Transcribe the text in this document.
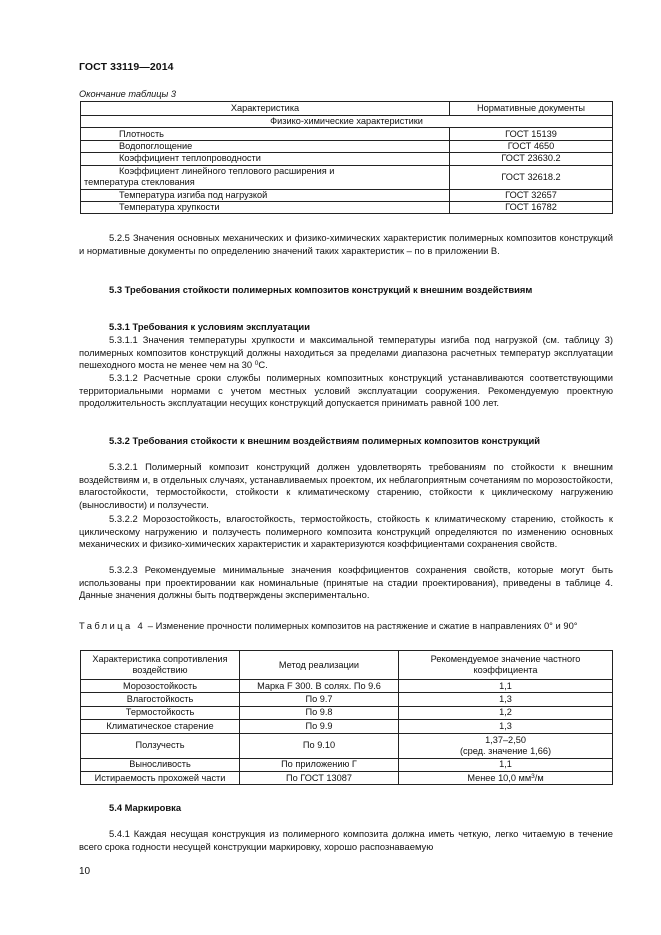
ГОСТ 33119—2014
Окончание таблицы 3
Характеристика	Нормативные документы
Физико-химические характеристики	
Плотность	ГОСТ 15139
Водопоглощение	ГОСТ 4650
Коэффициент теплопроводности	ГОСТ 23630.2

Коэффициент линейного теплового расширения и
температура стеклования	ГОСТ 32618.2
Температура изгиба под нагрузкой	ГОСТ 32657
Температура хрупкости	ГОСТ 16782

5.2.5 Значения основных механических и физико-химических характеристик полимерных композитов конструкций и нормативные документы по определению значений таких характеристик – по в приложении В.

5.3 Требования стойкости полимерных композитов конструкций к внешним воздействиям

5.3.1 Требования к условиям эксплуатации

5.3.1.1 Значения температуры хрупкости и максимальной температуры изгиба под нагрузкой (см. таблицу 3) полимерных композитов конструкций должны находиться за пределами диапазона расчетных температур эксплуатации пешеходного моста не менее чем на 30 $^0$С.

5.3.1.2 Расчетные сроки службы полимерных композитных конструкций устанавливаются соответствующими территориальными нормами с учетом местных условий эксплуатации сооружения. Рекомендуемую проектную продолжительность эксплуатации несущих конструкций допускается принимать равной 100 лет.

5.3.2 Требования стойкости к внешним воздействиям полимерных композитов конструкций

5.3.2.1 Полимерный композит конструкций должен удовлетворять требованиям по стойкости к внешним воздействиям и, в отдельных случаях, устанавливаемых проектом, их неблагоприятным сочетаниям по морозостойкости, влагостойкости, термостойкости, стойкости к климатическому старению, стойкости к циклическому нагружению (выносливости) и ползучести.

5.3.2.2 Морозостойкость, влагостойкость, термостойкость, стойкость к климатическому старению, стойкость к циклическому нагружению и ползучесть полимерного композита конструкций определяются по изменению основных механических и физико-химических характеристик и характеризуются коэффициентами сохранения свойств.

5.3.2.3 Рекомендуемые минимальные значения коэффициентов сохранения свойств, которые могут быть использованы при проектировании как номинальные (принятые на стадии проектирования), приведены в таблице 4. Данные значения должны быть подтверждены экспериментально.

Таблица 4 – Изменение прочности полимерных композитов на растяжение и сжатие в направлениях 0° и 90°

Характеристика сопротивления воздействию	Метод реализации	Рекомендуемое значение частного коэффициента
Морозостойкость	Марка F 300. В солях. По 9.6	1,1
Влагостойкость	По 9.7	1,3
Термостойкость	По 9.8	1,2
Климатическое старение	По 9.9	1,3
Ползучесть	По 9.10	1,37–2,50
(сред. значение 1,66)

Выносливость	По приложению Г	1,1
Истираемость прохожей части	По ГОСТ 13087	Менее 10,0 $мм^3/м$

5.4 Маркировка

5.4.1 Каждая несущая конструкция из полимерного композита должна иметь четкую, легко читаемую в течение всего срока годности несущей конструкции маркировку, хорошо распознаваемую

10
